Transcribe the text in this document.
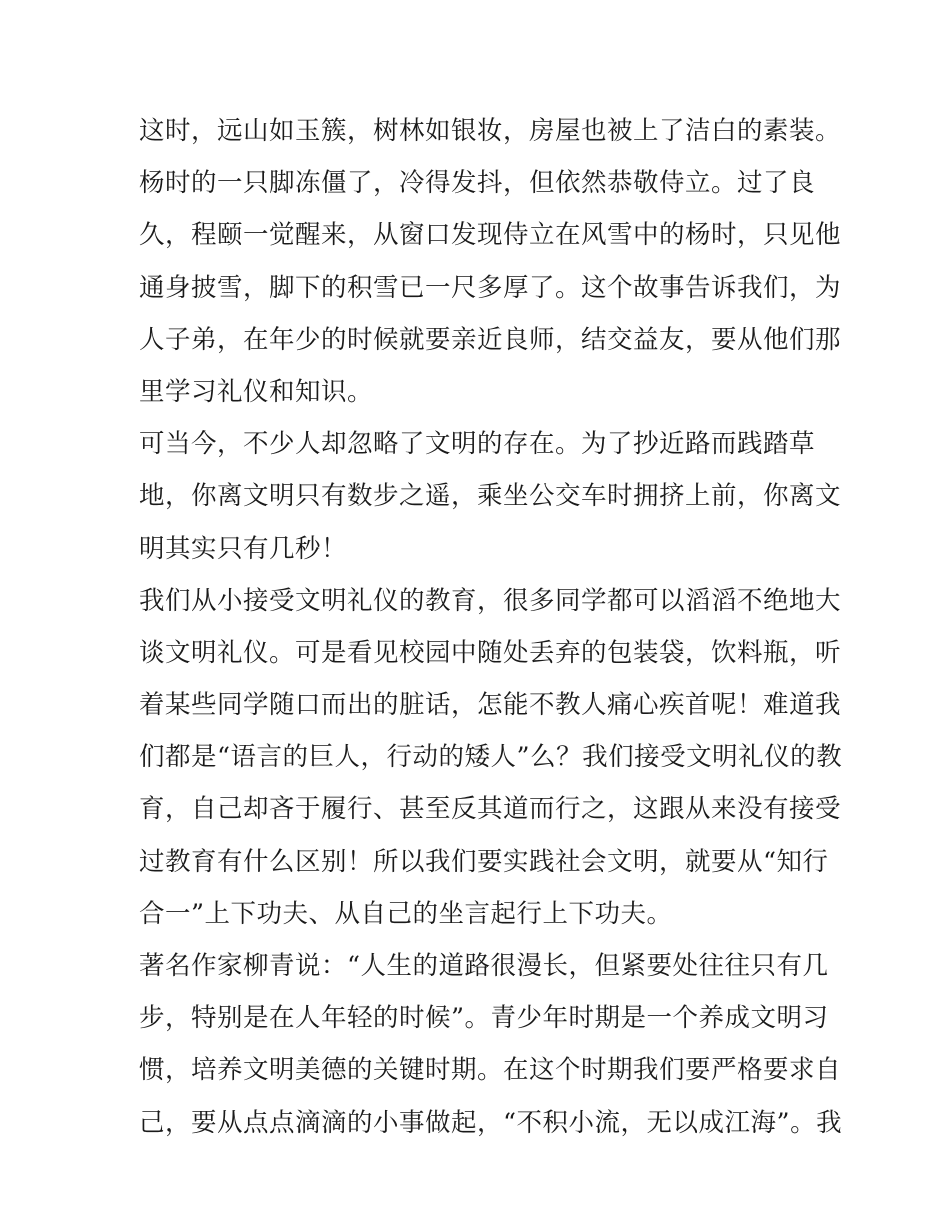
这时，远山如玉簇，树林如银妆，房屋也被上了洁白的素装。
杨时的一只脚冻僵了，冷得发抖，但依然恭敬侍立。过了良
久，程颐一觉醒来，从窗口发现侍立在风雪中的杨时，只见他
通身披雪，脚下的积雪已一尺多厚了。这个故事告诉我们，为
人子弟，在年少的时候就要亲近良师，结交益友，要从他们那
里学习礼仪和知识。
可当今，不少人却忽略了文明的存在。为了抄近路而践踏草
地，你离文明只有数步之遥，乘坐公交车时拥挤上前，你离文
明其实只有几秒！
我们从小接受文明礼仪的教育，很多同学都可以滔滔不绝地大
谈文明礼仪。可是看见校园中随处丢弃的包装袋，饮料瓶，听
着某些同学随口而出的脏话，怎能不教人痛心疾首呢！难道我
们都是“语言的巨人，行动的矮人”么？我们接受文明礼仪的教
育，自己却吝于履行、甚至反其道而行之，这跟从来没有接受
过教育有什么区别！所以我们要实践社会文明，就要从“知行
合一”上下功夫、从自己的坐言起行上下功夫。
著名作家柳青说：“人生的道路很漫长，但紧要处往往只有几
步，特别是在人年轻的时候”。青少年时期是一个养成文明习
惯，培养文明美德的关键时期。在这个时期我们要严格要求自
己，要从点点滴滴的小事做起，“不积小流，无以成江海”。我
